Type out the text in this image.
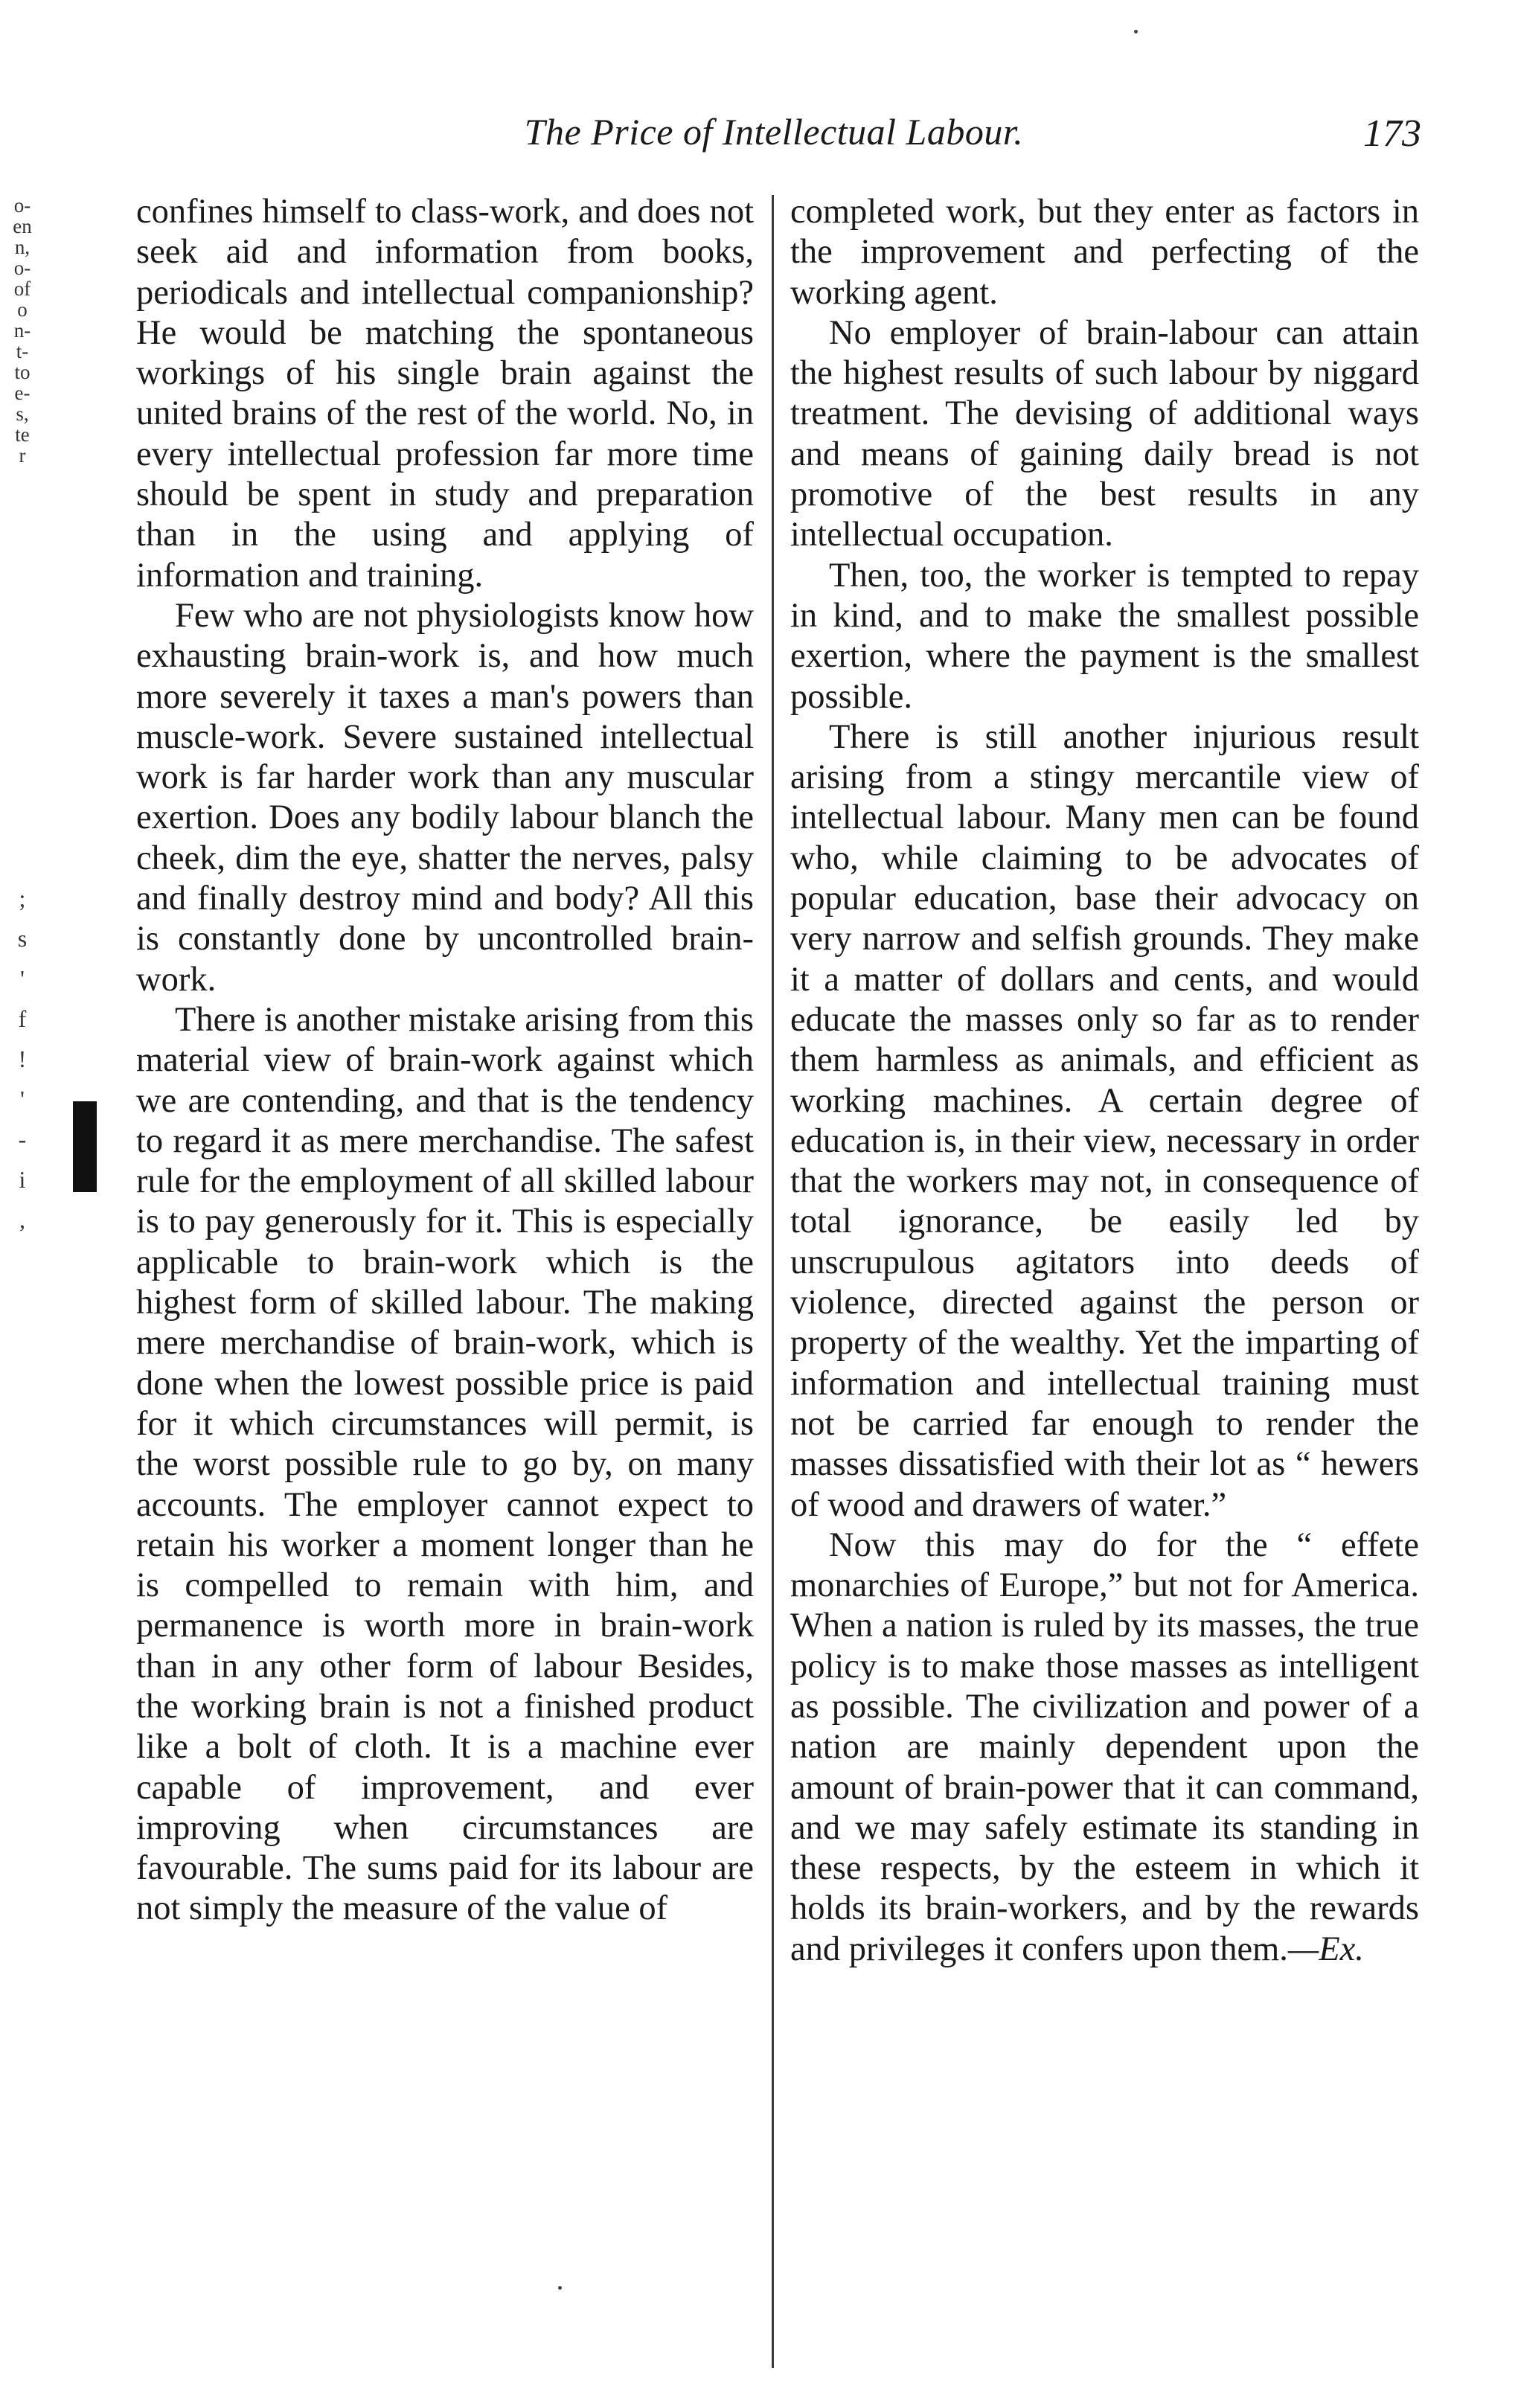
The Price of Intellectual Labour.	173
o-
en
n,
o-
of
o
n-
t-
to
e-
s,
te
r
;
s
'
f
!
'
-
i
,

confines himself to class-work, and does not seek aid and information from books, periodicals and intellectual companionship? He would be matching the spontaneous workings of his single brain against the united brains of the rest of the world. No, in every intellectual profession far more time should be spent in study and preparation than in the using and applying of information and training.

Few who are not physiologists know how exhausting brain-work is, and how much more severely it taxes a man's powers than muscle-work. Severe sustained intellectual work is far harder work than any muscular exertion. Does any bodily labour blanch the cheek, dim the eye, shatter the nerves, palsy and finally destroy mind and body? All this is constantly done by uncontrolled brain-work.

There is another mistake arising from this material view of brain-work against which we are contending, and that is the tendency to regard it as mere merchandise. The safest rule for the employment of all skilled labour is to pay generously for it. This is especially applicable to brain-work which is the highest form of skilled labour. The making mere merchandise of brain-work, which is done when the lowest possible price is paid for it which circumstances will permit, is the worst possible rule to go by, on many accounts. The employer cannot expect to retain his worker a moment longer than he is compelled to remain with him, and permanence is worth more in brain-work than in any other form of labour Besides, the working brain is not a finished product like a bolt of cloth. It is a machine ever capable of improvement, and ever improving when circumstances are favourable. The sums paid for its labour are not simply the measure of the value of

completed work, but they enter as factors in the improvement and perfecting of the working agent.

No employer of brain-labour can attain the highest results of such labour by niggard treatment. The devising of additional ways and means of gaining daily bread is not promotive of the best results in any intellectual occupation.

Then, too, the worker is tempted to repay in kind, and to make the smallest possible exertion, where the payment is the smallest possible.

There is still another injurious result arising from a stingy mercantile view of intellectual labour. Many men can be found who, while claiming to be advocates of popular education, base their advocacy on very narrow and selfish grounds. They make it a matter of dollars and cents, and would educate the masses only so far as to render them harmless as animals, and efficient as working machines. A certain degree of education is, in their view, necessary in order that the workers may not, in consequence of total ignorance, be easily led by unscrupulous agitators into deeds of violence, directed against the person or property of the wealthy. Yet the imparting of information and intellectual training must not be carried far enough to render the masses dissatisfied with their lot as “ hewers of wood and drawers of water.”

Now this may do for the “ effete monarchies of Europe,” but not for America. When a nation is ruled by its masses, the true policy is to make those masses as intelligent as possible. The civilization and power of a nation are mainly dependent upon the amount of brain-power that it can command, and we may safely estimate its standing in these respects, by the esteem in which it holds its brain-workers, and by the rewards and privileges it confers upon them.—Ex.
